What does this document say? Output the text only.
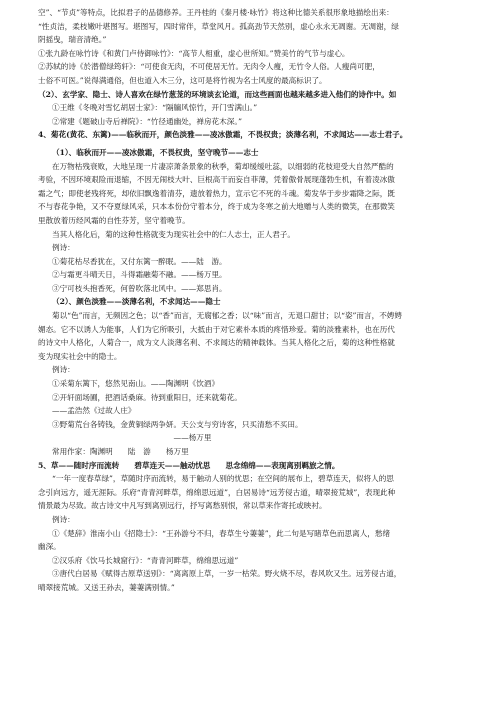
空”、“节贞”等特点，比拟君子的品德修养。王丹桂的《秦月楼·咏竹》将这种比德关系很形象地描绘出来：
“性贞洁，柔枝嫩叶堪图写。堪图写，四时常伴，草堂风月。孤高劲节天然别，虚心永永无凋谢。无凋谢，绿
阴摇曳，瑞音清绝。”
①张九龄在咏竹诗《和黄门卢侍御咏竹》：“高节人相重，虚心世所知。”赞美竹的气节与虚心。
②苏轼的诗《於潜僧绿筠轩》：“可使食无肉，不可使居无竹。无肉令人瘦，无竹令人俗。人瘦尚可肥，
士俗不可医。”说得满通俗，但也道入木三分，这可是将竹视为名士风度的最高标识了。
（2）、玄学家、隐士、诗人喜欢在绿竹葱茏的环境谈玄论道，而这些画面也越来越多进入他们的诗作中。如
①王维《冬晚对雪忆胡居士家》：“隔牖风惊竹，开门雪满山。”
②常建《题破山寺后禅院》：“竹径通幽处，禅房花木深。”
4、菊花(黄花、东篱)——临秋而开，颜色淡雅——凌冰傲霜，不畏权贵；淡薄名利，不求闻达——志士君子。
（1）、临秋而开——凌冰傲霜，不畏权贵，坚守晚节——志士
在万物枯残衰败，大地呈现一片凄凉萧条景象的秋季，菊却缓缓吐蕊，以细弱的花枝迎受大自然严酷的
考验，不因环境艰险而退缩，不因无闹枝大叶、巨根高干而妄自菲薄，凭着傲骨展现蓬勃生机，有着凌冰傲
霜之气；即使老残将死，却依旧飘逸着清芬，遗放着热力，宣示它不死的斗魂。菊发华于步步霜降之际，既
不与春花争艳，又不夺夏绿风采，只本本份份守着本分，终于成为冬寒之前大地赠与人类的微笑，在那微笑
里散放着历经风霜的自性芬芳，坚守着晚节。
当其人格化后，菊的这种性格就变为现实社会中的仁人志士，正人君子。
例诗：
①菊花枯尽香犹在，又付东篱一醉眠。——陆　游。
②与霜更斗晴天日，斗得霜融菊不融。——杨万里。
③宁可枝头抱香死，何曾吹落北风中。——郑思肖。
（2）、颜色淡雅——淡薄名利，不求闻达——隐士
菊以“色”而言，无频因之色；以“香”而言，无腐郁之香；以“味”而言，无退口甜甘；以“姿”而言，不娉娉
媚态。它不以诱人为能事，人们为它所吸引，大抵由于对它素朴本质的疼惜珍爱。菊的淡雅素朴，也在历代
的诗文中人格化，人菊合一，成为文人淡薄名利、不求闻达的精神载体。当其人格化之后，菊的这种性格就
变为现实社会中的隐士。
例诗：
①采菊东篱下，悠然见南山。——陶渊明《饮酒》
②开轩面场圃，把酒话桑麻。待到重阳日，还来就菊花。
——孟浩然《过故人庄》
③野菊荒台各铸钱，金黄铜绿两争妍。天公支与穷诗客，只买清愁不买田。
　　　　　　　　　　　　　　　　——杨万里
常用作家：陶渊明　　陆　游　　杨万里
5、草——随时序而流转　　碧草连天——触动忧思　　思念绵绵——表现离别羁旅之情。
“一年一度春草绿”，草随时序而流转，易于触动人别的忧思；在空间的展布上，碧草连天，似将人的思
念引向远方，遥无涯际。乐府“青青河畔草，绵绵思远道”，白居易诗“远芳侵古道，晴翠接荒城”，表现此种
情景最为尽致。故古诗文中凡写到离别远行，抒写离愁别恨，常以草来作寄托或映衬。
例诗：
①《楚辞》淮南小山《招隐士》：“王孙游兮不归，春草生兮萋萋”，此二句是写睹草色而思离人，愁绪
幽深。
②汉乐府《饮马长城窟行》：“青青河畔草，绵绵思远道”
③唐代白居易《赋得古原草送别》：“离离原上草，一岁一枯荣。野火烧不尽，春风吹又生。远芳侵古道，
晴翠接荒城。又送王孙去，萋萋满别情。”
